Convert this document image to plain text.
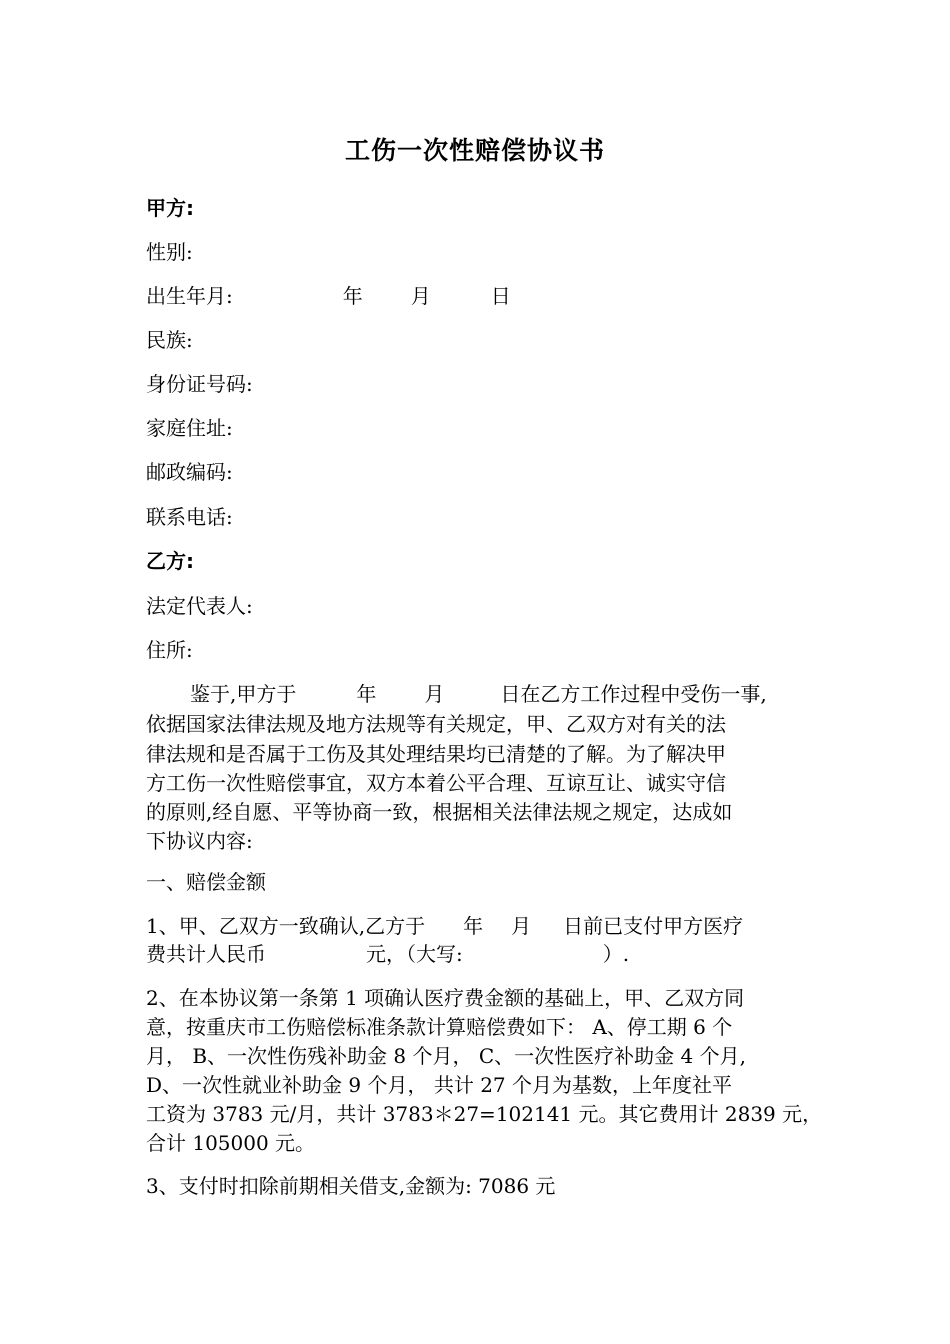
工伤一次性赔偿协议书
甲方:
性别:
出生年月:	年 月	日
民族:
身份证号码:
家庭住址:
邮政编码:
联系电话:
乙方:
法定代表人:
住所:
鉴于,甲方于	年 月	日在乙方工作过程中受伤一事,
依据国家法律法规及地方法规等有关规定，甲、乙双方对有关的法
律法规和是否属于工伤及其处理结果均已清楚的了解。为了解决甲
方工伤一次性赔偿事宜，双方本着公平合理、互谅互让、诚实守信
的原则,经自愿、平等协商一致，根据相关法律法规之规定，达成如
下协议内容:
一、赔偿金额
1、甲、乙双方一致确认,乙方于 年 月 日前已支付甲方医疗
费共计人民币	元，（大写:	）.
2、在本协议第一条第 1 项确认医疗费金额的基础上，甲、乙双方同
意，按重庆市工伤赔偿标准条款计算赔偿费如下： A、停工期 6 个
月， B、一次性伤残补助金 8 个月， C、一次性医疗补助金 4 个月,
D、一次性就业补助金 9 个月， 共计 27 个月为基数，上年度社平
工资为 3783 元/月，共计 3783＊27=102141 元。其它费用计 2839 元，
合计 105000 元。
3、支付时扣除前期相关借支,金额为: 7086 元
